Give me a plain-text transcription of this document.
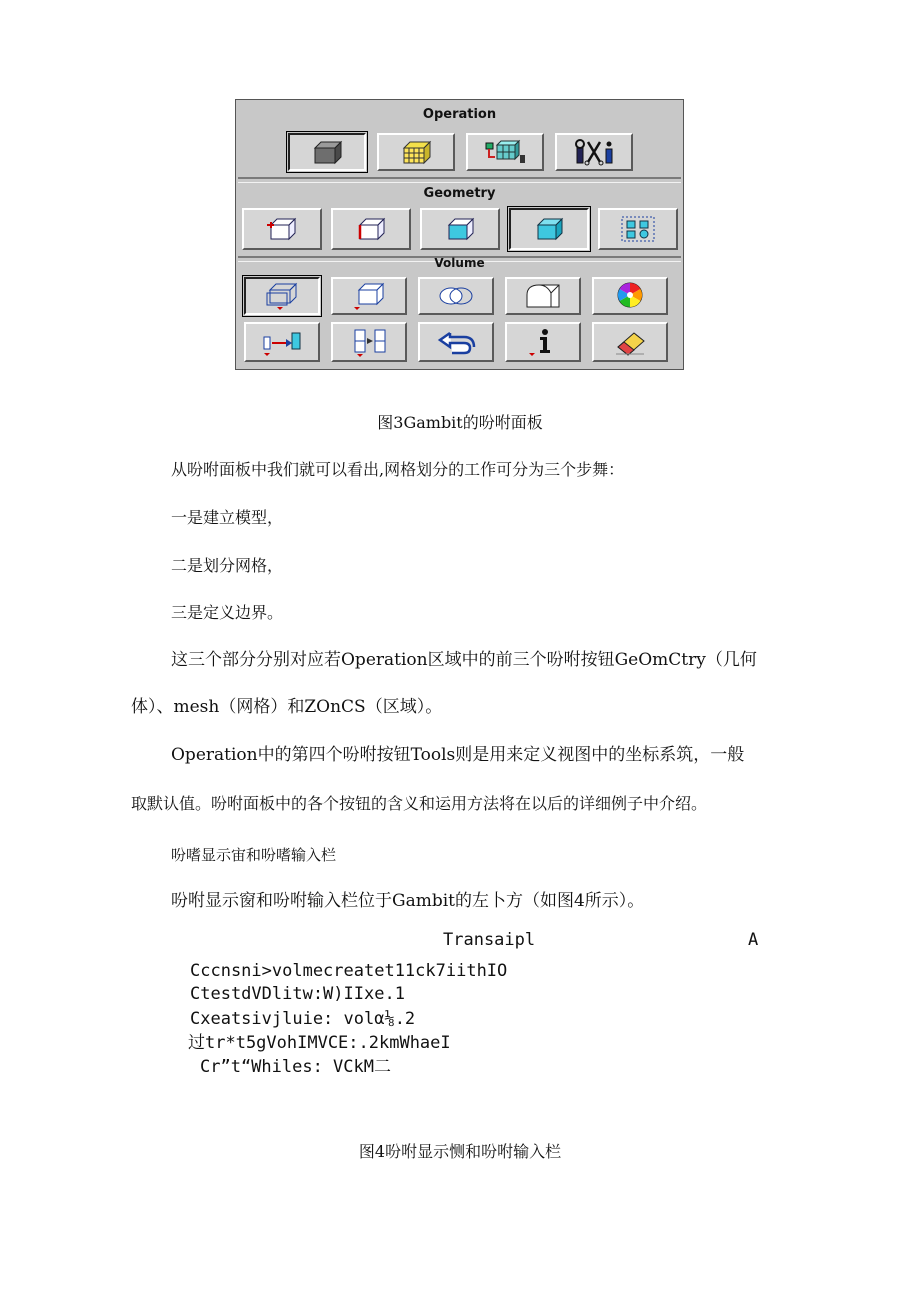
Operation
Geometry
Volume
图3Gambit的吩咐面板
从吩咐面板中我们就可以看出,网格划分的工作可分为三个步舞：
一是建立模型，
二是划分网格，
三是定义边界。
这三个部分分别对应若Operation区域中的前三个吩咐按钮GeOmCtry（几何
体）、mesh（网格）和ZOnCS（区域）。
Operation中的第四个吩咐按钮Tools则是用来定义视图中的坐标系筑，一般
取默认值。吩咐面板中的各个按钮的含义和运用方法将在以后的详细例子中介绍。
吩嗜显示宙和吩嗜输入栏
吩咐显示窗和吩咐输入栏位于Gambit的左卜方（如图4所示）。
Transaipl	A
Cccnsni>volmecreatet11ck7iithIO
CtestdVDlitw:W)IIxe.1
Cxeatsivjluie: volα⅛.2
过tr*t5gVohIMVCE:.2kmWhaeI
Cr”t“Whiles: VCkM二
图4吩咐显示恻和吩咐输入栏
